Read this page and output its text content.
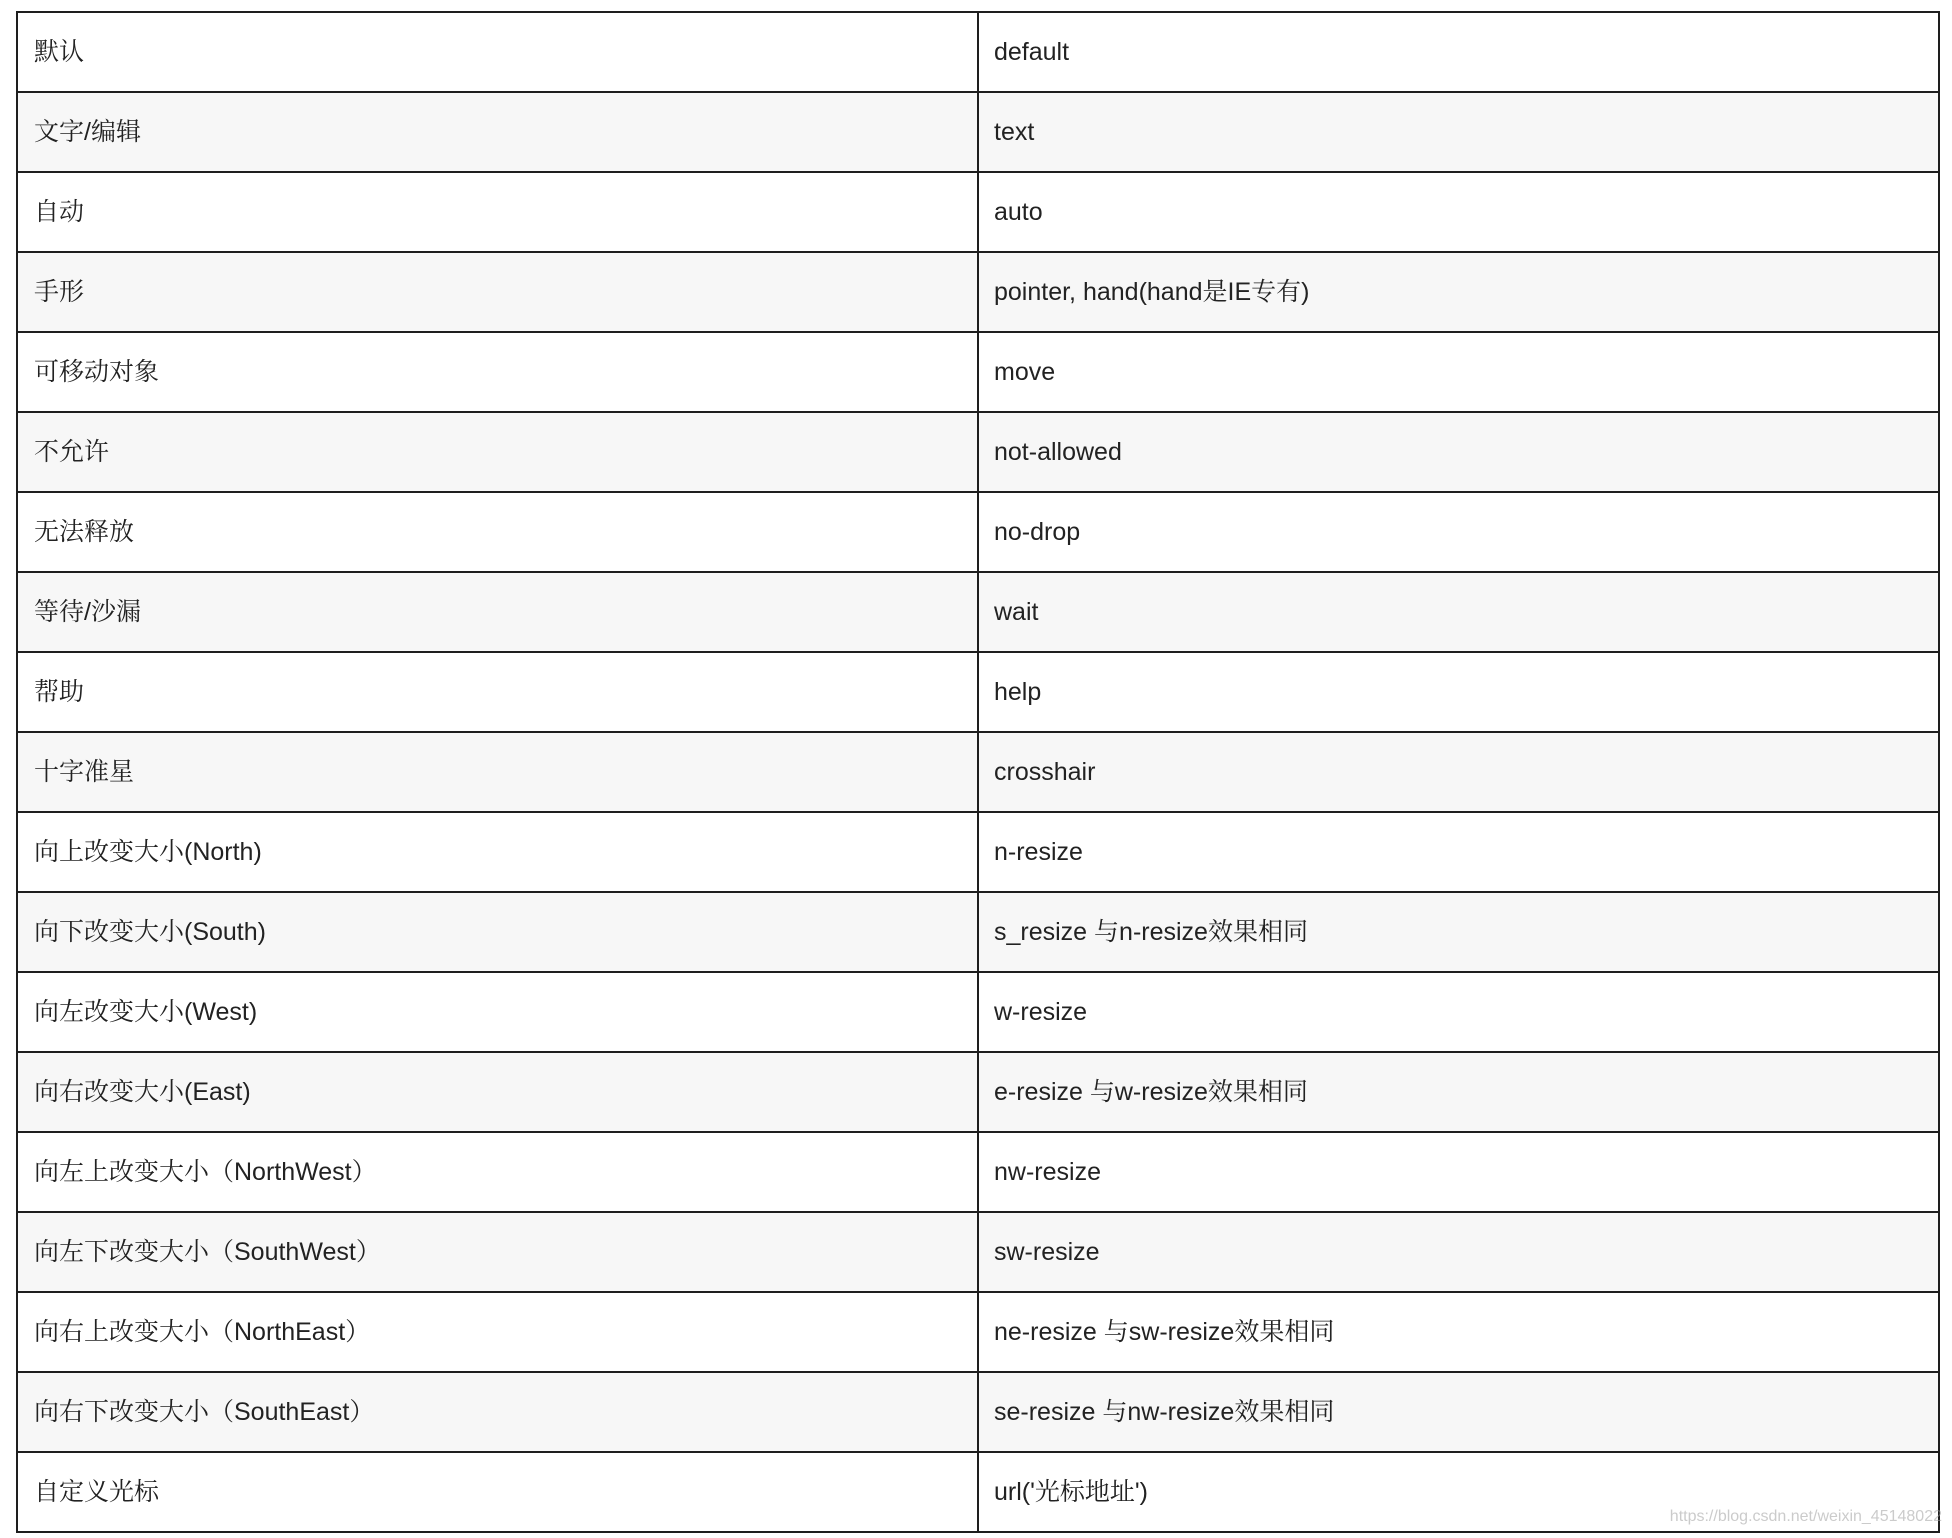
默认	default
文字/编辑	text
自动	auto
手形	pointer, hand(hand是IE专有)
可移动对象	move
不允许	not-allowed
无法释放	no-drop
等待/沙漏	wait
帮助	help
十字准星	crosshair
向上改变大小(North)	n-resize
向下改变大小(South)	s_resize 与n-resize效果相同
向左改变大小(West)	w-resize
向右改变大小(East)	e-resize 与w-resize效果相同
向左上改变大小（NorthWest）	nw-resize
向左下改变大小（SouthWest）	sw-resize
向右上改变大小（NorthEast）	ne-resize 与sw-resize效果相同
向右下改变大小（SouthEast）	se-resize 与nw-resize效果相同
自定义光标	url('光标地址')
https://blog.csdn.net/weixin_45148022
